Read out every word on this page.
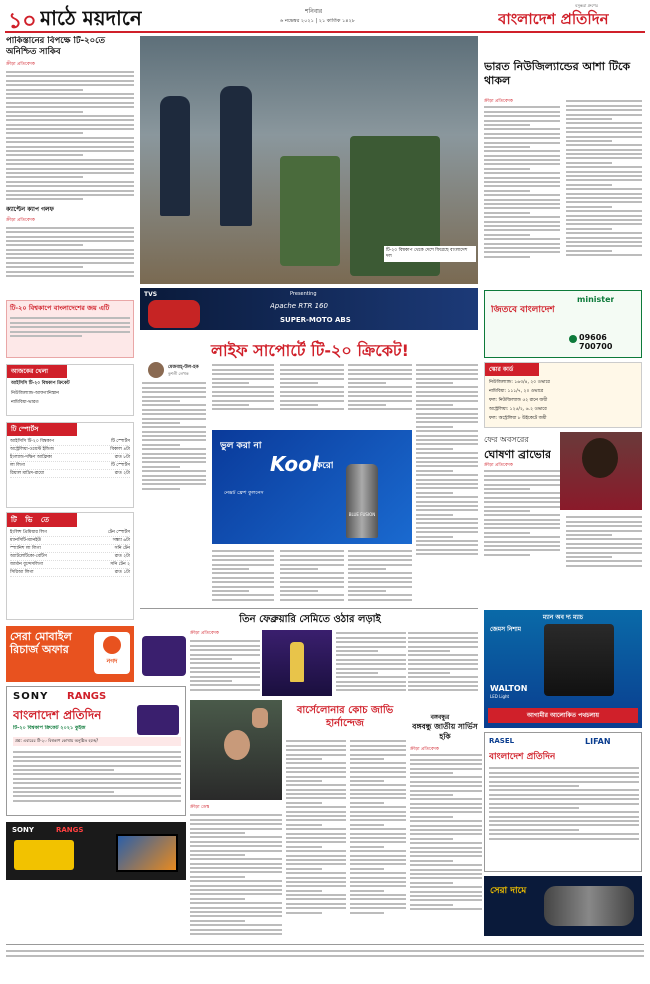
১০ মাঠে ময়দানে	৬ নভেম্বর ২০২১ | ২১ কার্তিক ১৪২৮
শনিবার
বসুন্ধরা গ্রুপের
বাংলাদেশ প্রতিদিন
পাকিস্তানের বিপক্ষে টি-২০তে অনিশ্চিত সাকিব
ক্রীড়া প্রতিবেদক
ক্যাপ্টেন ক্যাপ গলফ
ক্রীড়া প্রতিবেদক
টি-২০ বিশ্বকাপে বাংলাদেশের জয় এটি
আজকের খেলা
আইসিসি টি-২০ বিশ্বকাপ ক্রিকেট
নিউজিল্যান্ড-আফগানিস্তান
নামিবিয়া-ভারত
টি স্পোর্টস
আইসিসি টি-২০ বিশ্বকাপ	টি স্পোর্টস
অস্ট্রেলিয়া-ওয়েস্ট ইন্ডিজ	বিকাল ৪টা
ইংল্যান্ড-দক্ষিণ আফ্রিকা	রাত ৮টা
লা লিগা	টি স্পোর্টস
রিয়াল মাদ্রিদ-রায়ো	রাত ২টা
টি ভি তে
ইংলিশ প্রিমিয়ার লিগ	টেন স্পোর্টস
ম্যানসিটি-ম্যানইউ	সন্ধ্যা ৬টা
স্প্যানিশ লা লিগা	সনি টেন
অ্যাটলেটিকো-বেটিস	রাত ২টা
জার্মান বুন্দেসলিগা	সনি টেন ২
সিরিআ লিগা	রাত ১টা
সেরা মোবাইল রিচার্জ অফার
নগদ
SONY RANGS
বাংলাদেশ প্রতিদিন
টি-২০ বিশ্বকাপ ক্রিকেট ২০২১ কুইজ
প্রশ্ন: এবারের টি-২০ বিশ্বকাপ কোথায় অনুষ্ঠিত হচ্ছে?
SONY	RANGS
টি-২০ বিশ্বকাপ থেকে দেশে ফিরেছে বাংলাদেশ দল
TVS	Presenting
Apache RTR 160
SUPER-MOTO ABS
ভারত নিউজিল্যান্ডের আশা টিকে থাকল
ক্রীড়া প্রতিবেদক
minister
জিতবে বাংলাদেশ
09606 700700
স্কোর কার্ড
নিউজিল্যান্ড: ১৬৩/৪, ২০ ওভারে
নামিবিয়া: ১১১/৭, ২০ ওভারে
ফল: নিউজিল্যান্ড ৫২ রানে জয়ী
অস্ট্রেলিয়া: ১২৫/২, ৬.২ ওভারে
ফল: অস্ট্রেলিয়া ৮ উইকেটে জয়ী
ফের অবসরের
ঘোষণা ব্রাভোর
ক্রীড়া প্রতিবেদক
লাইফ সাপোর্টে টি-২০ ক্রিকেট!
মেজবাহ্-উল-হক
কুশলী লেখক
ভুল করা না
Kool
করো
নেক্সট ফ্রেশ কুলনেস
BLUE FUSION
তিন ফেব্রুয়ারি সেমিতে ওঠার লড়াই
ক্রীড়া প্রতিবেদক
ম্যান অব দ্য ম্যাচ
জেমস নিশাম
WALTON
LED Light
আগামীর আলোকিত পথচলায়
ক্রীড়া ডেস্ক
বার্সেলোনার কোচ জাভি হার্নান্দেজ
বঙ্গবন্ধুর
বঙ্গবন্ধু জাতীয় সার্ভিস হকি
ক্রীড়া প্রতিবেদক
RASEL	LIFAN
বাংলাদেশ প্রতিদিন
সেরা দামে
